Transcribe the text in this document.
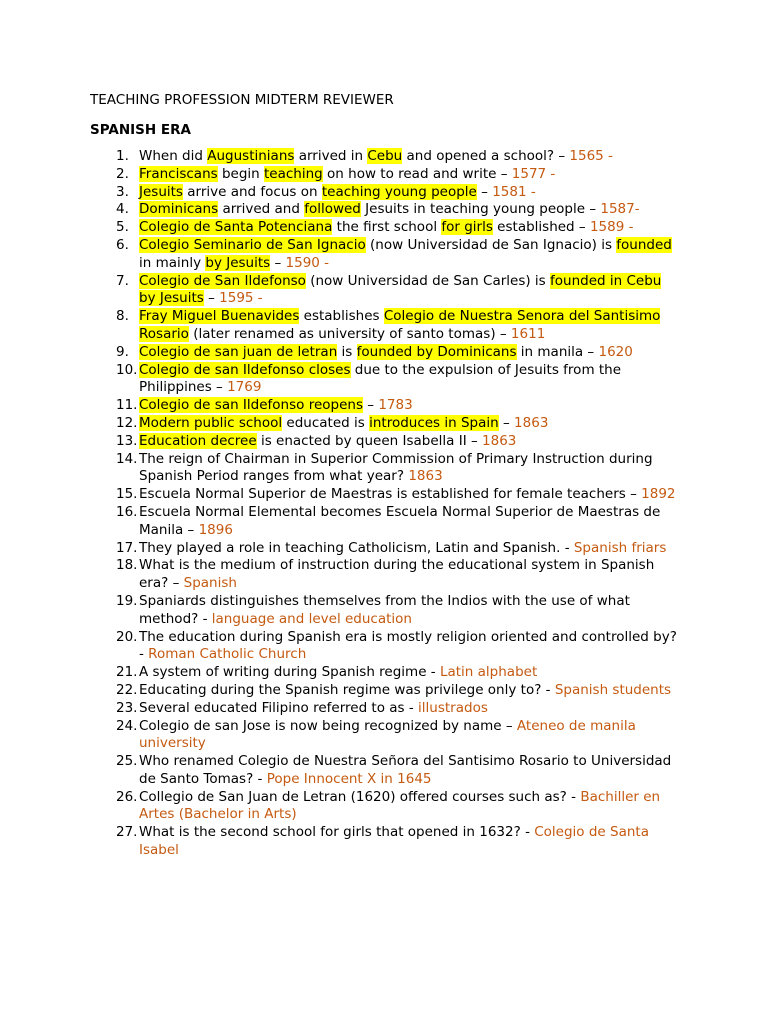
TEACHING PROFESSION MIDTERM REVIEWER
SPANISH ERA
1. When did Augustinians arrived in Cebu and opened a school? – 1565 -
2. Franciscans begin teaching on how to read and write – 1577 -
3. Jesuits arrive and focus on teaching young people – 1581 -
4. Dominicans arrived and followed Jesuits in teaching young people – 1587-
5. Colegio de Santa Potenciana the first school for girls established – 1589 -
6. Colegio Seminario de San Ignacio (now Universidad de San Ignacio) is founded in mainly by Jesuits – 1590 -
7. Colegio de San Ildefonso (now Universidad de San Carles) is founded in Cebu by Jesuits – 1595 -
8. Fray Miguel Buenavides establishes Colegio de Nuestra Senora del Santisimo Rosario (later renamed as university of santo tomas) – 1611
9. Colegio de san juan de letran is founded by Dominicans in manila – 1620
10. Colegio de san Ildefonso closes due to the expulsion of Jesuits from the Philippines – 1769
11. Colegio de san Ildefonso reopens – 1783
12. Modern public school educated is introduces in Spain – 1863
13. Education decree is enacted by queen Isabella II – 1863
14. The reign of Chairman in Superior Commission of Primary Instruction during Spanish Period ranges from what year? 1863
15. Escuela Normal Superior de Maestras is established for female teachers – 1892
16. Escuela Normal Elemental becomes Escuela Normal Superior de Maestras de Manila – 1896
17. They played a role in teaching Catholicism, Latin and Spanish. - Spanish friars
18. What is the medium of instruction during the educational system in Spanish era? – Spanish
19. Spaniards distinguishes themselves from the Indios with the use of what method? - language and level education
20. The education during Spanish era is mostly religion oriented and controlled by? - Roman Catholic Church
21. A system of writing during Spanish regime - Latin alphabet
22. Educating during the Spanish regime was privilege only to? - Spanish students
23. Several educated Filipino referred to as - illustrados
24. Colegio de san Jose is now being recognized by name – Ateneo de manila university
25. Who renamed Colegio de Nuestra Señora del Santisimo Rosario to Universidad de Santo Tomas? - Pope Innocent X in 1645
26. Collegio de San Juan de Letran (1620) offered courses such as? - Bachiller en Artes (Bachelor in Arts)
27. What is the second school for girls that opened in 1632? - Colegio de Santa Isabel
